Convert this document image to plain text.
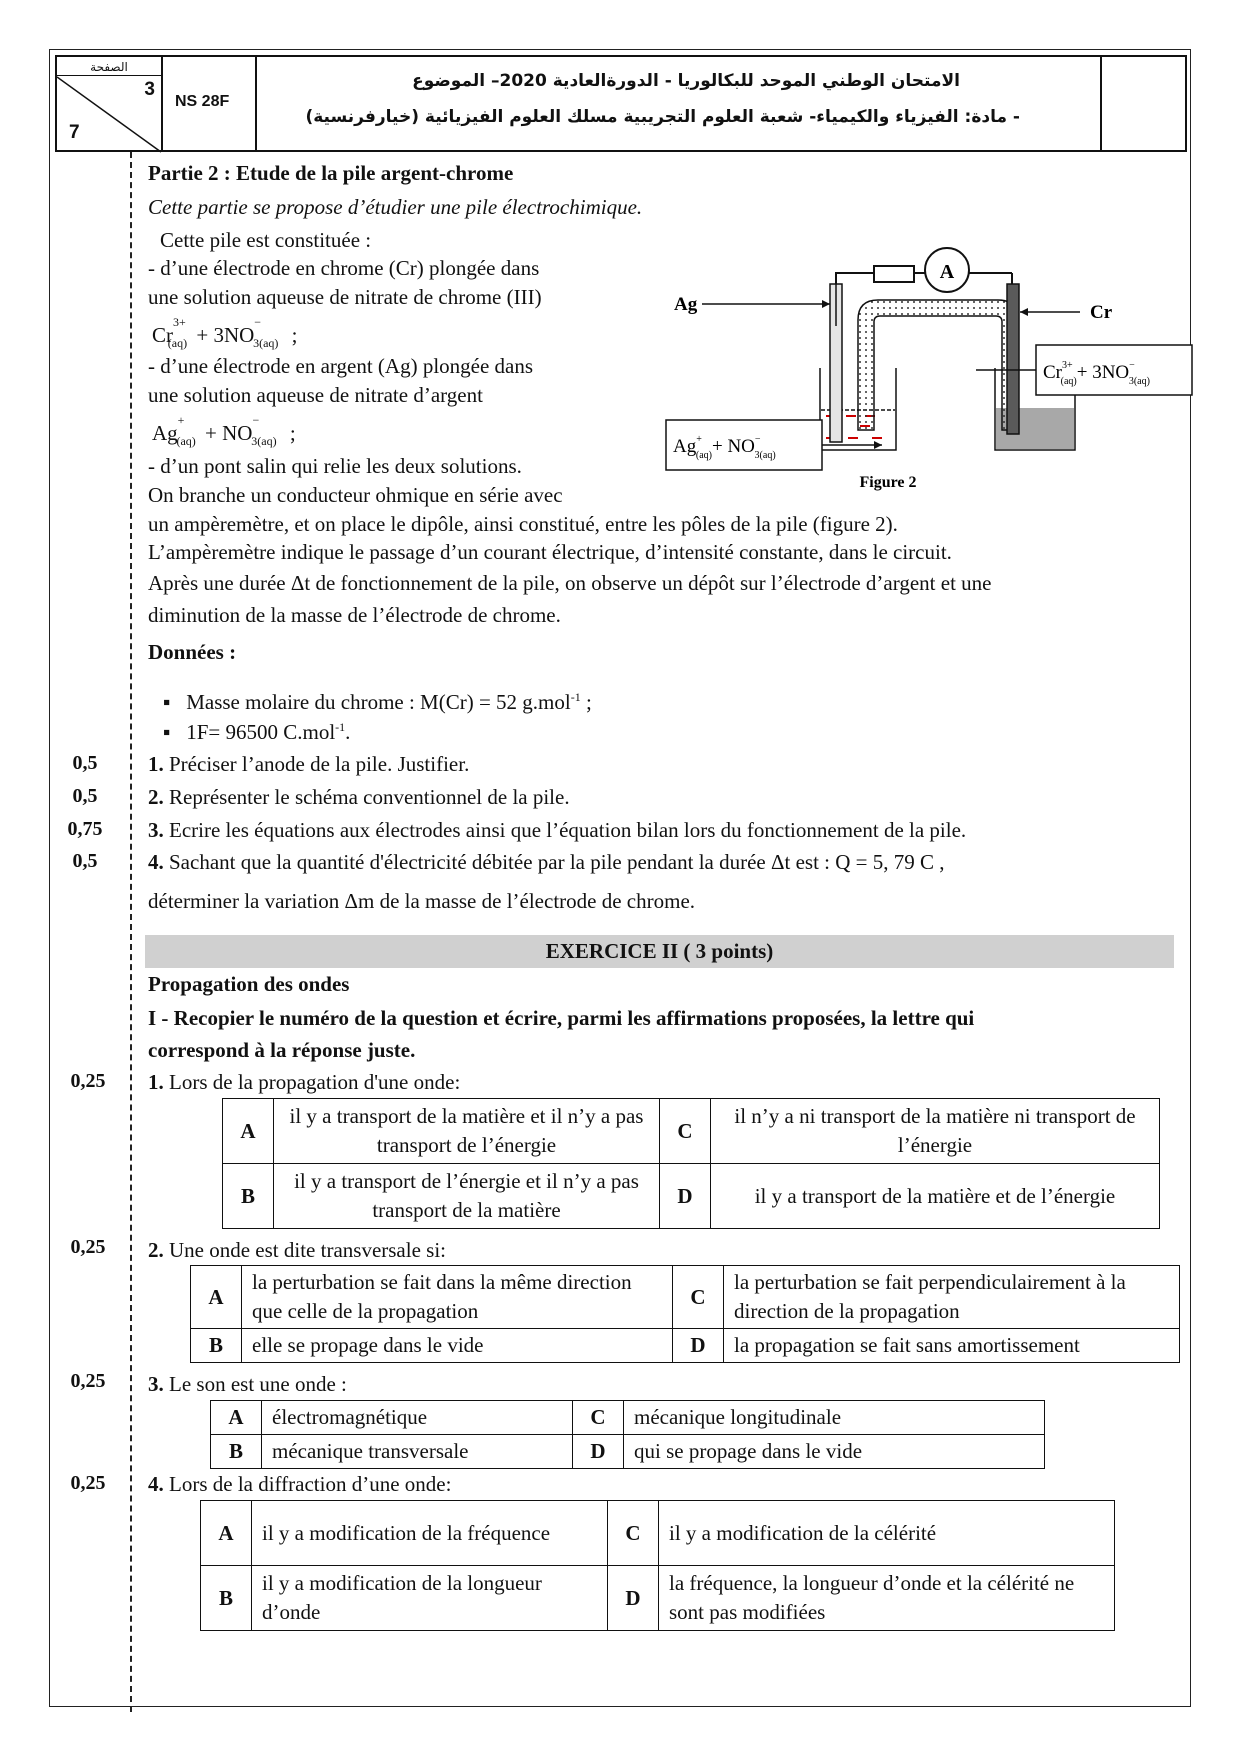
الصفحة
3
7
NS 28F
الامتحان الوطني الموحد للبكالوريا - الدورةالعادية 2020– الموضوع
- مادة: الفيزياء والكيمياء- شعبة العلوم التجريبية مسلك العلوم الفيزيائية (خيارفرنسية)
Partie 2 : Etude de la pile argent-chrome
Cette partie se propose d’étudier une pile électrochimique.
Cette pile est constituée :
- d’une électrode en chrome (Cr) plongée dans
une solution aqueuse de nitrate de chrome (III)
$Cr^{3+}_{(aq)} + 3NO^-_{3(aq)}$ ;
- d’une électrode en argent (Ag) plongée dans
une solution aqueuse de nitrate d’argent
$Ag^+_{(aq)} + NO^-_{3(aq)}$ ;
- d’un pont salin qui relie les deux solutions.
On branche un conducteur ohmique en série avec
un ampèremètre, et on place le dipôle, ainsi constitué, entre les pôles de la pile (figure 2).
L’ampèremètre indique le passage d’un courant électrique, d’intensité constante, dans le circuit.
Après une durée Δt de fonctionnement de la pile, on observe un dépôt sur l’électrode d’argent et une
diminution de la masse de l’électrode de chrome.
Données :
▪   Masse molaire du chrome : M(Cr) = 52 g.mol$^{-1}$ ;
▪   1F= 96500 C.mol$^{-1}$.
A
Ag	Cr
$Cr^{3+}$ (aq)+ 3NO− 3(aq)
Ag+ (aq)+ NO− 3(aq)
Figure 2
0,5	1. Préciser l’anode de la pile. Justifier.
0,5	2. Représenter le schéma conventionnel de la pile.
0,75	3. Ecrire les équations aux électrodes ainsi que l’équation bilan lors du fonctionnement de la pile.
0,5	4. Sachant que la quantité d'électricité débitée par la pile pendant la durée Δt est : Q = 5, 79 C ,
déterminer la variation Δm de la masse de l’électrode de chrome.
EXERCICE II ( 3 points)
Propagation des ondes
I - Recopier le numéro de la question et écrire, parmi les affirmations proposées, la lettre qui
correspond à la réponse juste.
0,25	1. Lors de la propagation d'une onde:
A	il y a transport de la matière et il n’y a pas transport de l’énergie	C	il n’y a ni transport de la matière ni transport de l’énergie
B	il y a transport de l’énergie et il n’y a pas transport de la matière	D	il y a transport de la matière et de l’énergie
0,25	2. Une onde est dite transversale si:
A	la perturbation se fait dans la même direction que celle de la propagation	C	la perturbation se fait perpendiculairement à la direction de la propagation
B	elle se propage dans le vide	D	la propagation se fait sans amortissement
0,25	3. Le son est une onde :
A	électromagnétique	C	mécanique longitudinale
B	mécanique transversale	D	qui se propage dans le vide
0,25	4. Lors de la diffraction d’une onde:
A	il y a modification de la fréquence	C	il y a modification de la célérité
B	il y a modification de la longueur d’onde	D	la fréquence, la longueur d’onde et la célérité ne sont pas modifiées
